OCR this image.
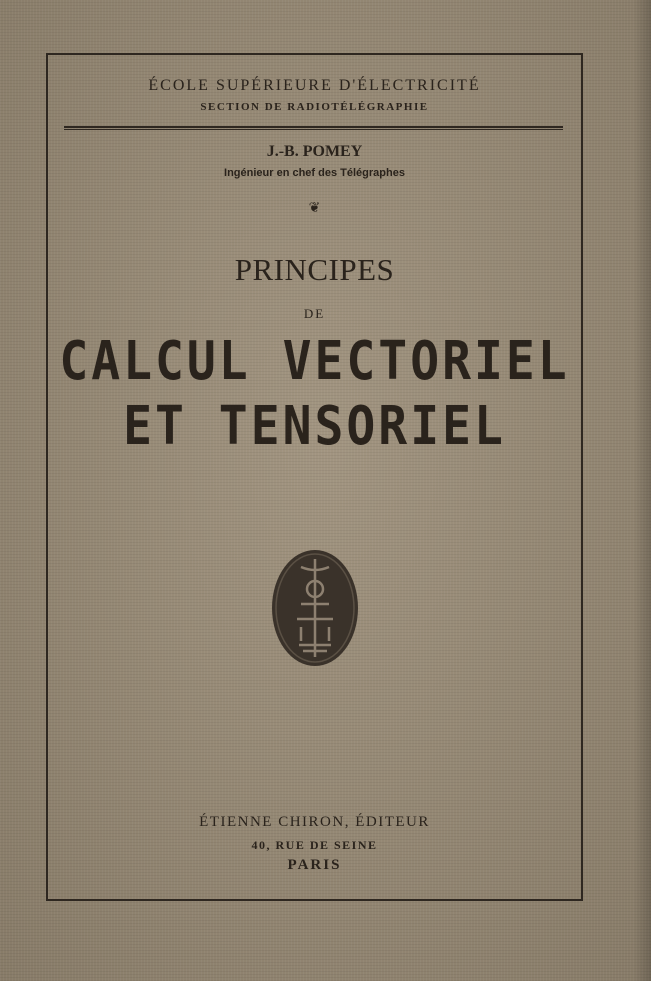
ÉCOLE SUPÉRIEURE D'ÉLECTRICITÉ
SECTION DE RADIOTÉLÉGRAPHIE
J.-B. POMEY
Ingénieur en chef des Télégraphes
❦
PRINCIPES
DE
CALCUL VECTORIEL
ET TENSORIEL
ÉTIENNE CHIRON, ÉDITEUR
40, RUE DE SEINE
PARIS
